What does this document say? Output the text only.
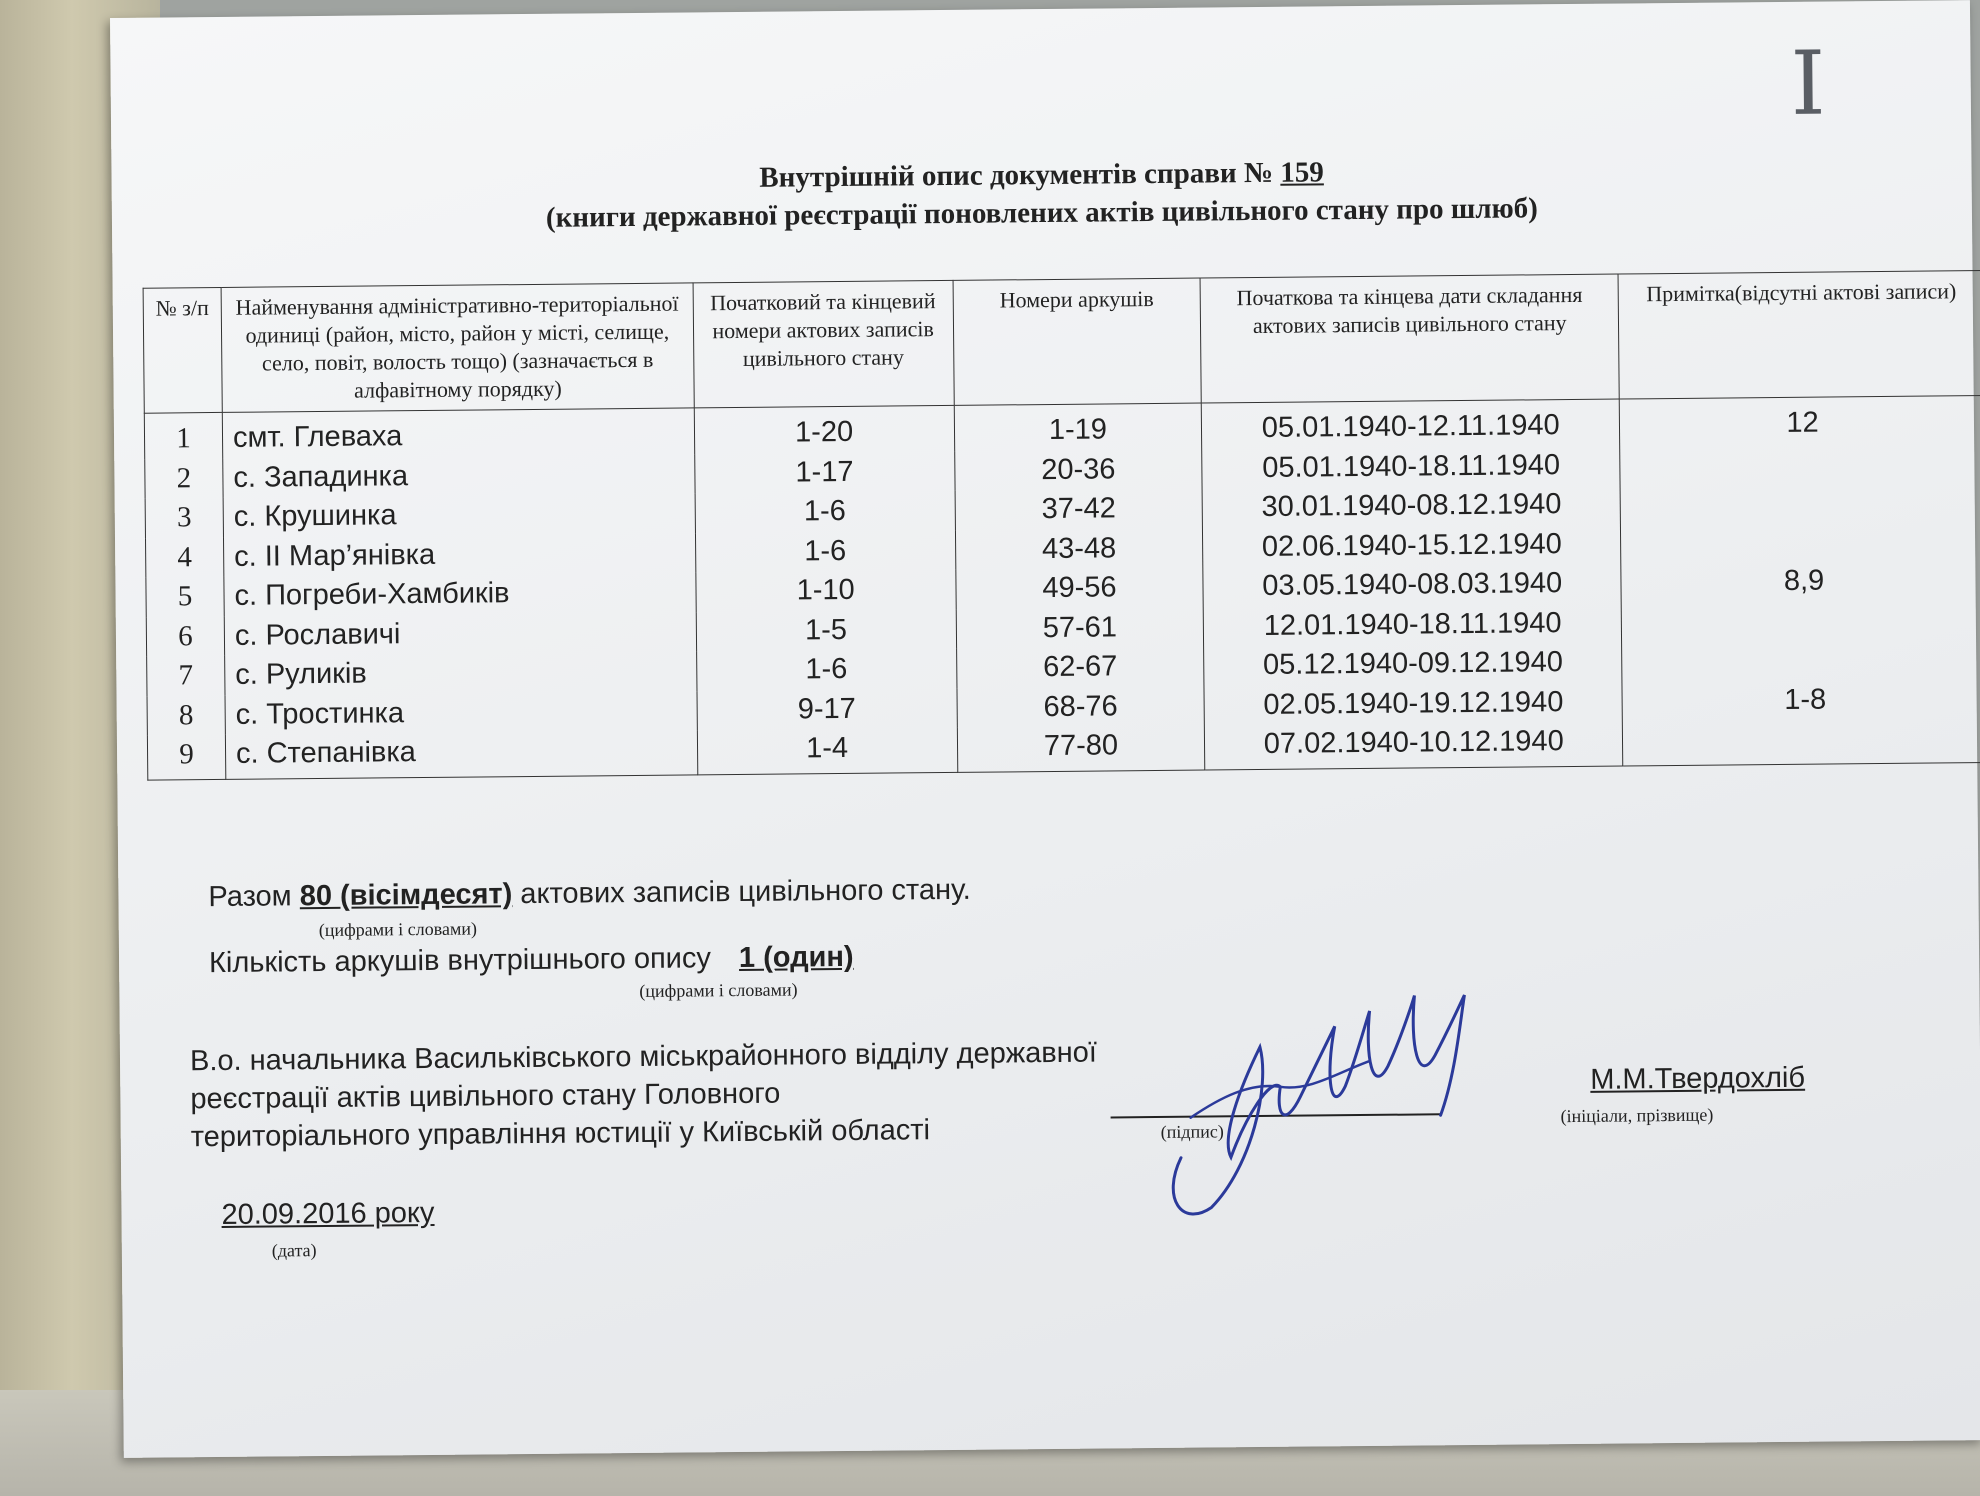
I
Внутрішній опис документів справи № 159
(книги державної реєстрації поновлених актів цивільного стану про шлюб)
№ з/п	Найменування адміністративно-територіальної одиниці (район, місто, район у місті, селище, село, повіт, волость тощо) (зазначається в алфавітному порядку)	Початковий та кінцевий номери актових записів цивільного стану	Номери аркушів	Початкова та кінцева дати складання актових записів цивільного стану	Примітка(відсутні актові записи)
1	смт. Глеваха	1-20	1-19	05.01.1940-12.11.1940	12
2	с. Западинка	1-17	20-36	05.01.1940-18.11.1940	
3	с. Крушинка	1-6	37-42	30.01.1940-08.12.1940	
4	с. ІІ Мар’янівка	1-6	43-48	02.06.1940-15.12.1940	
5	с. Погреби-Хамбиків	1-10	49-56	03.05.1940-08.03.1940	8,9
6	с. Рославичі	1-5	57-61	12.01.1940-18.11.1940	
7	с. Руликів	1-6	62-67	05.12.1940-09.12.1940	
8	с. Тростинка	9-17	68-76	02.05.1940-19.12.1940	1-8
9	с. Степанівка	1-4	77-80	07.02.1940-10.12.1940	
Разом 80 (вісімдесят) актових записів цивільного стану.
(цифрами і словами)
Кількість аркушів внутрішнього опису 1 (один)
(цифрами і словами)
В.о. начальника Васильківського міськрайонного відділу державної
реєстрації актів цивільного стану Головного
територіального управління юстиції у Київській області	(підпис)
М.М.Твердохліб
(ініціали, прізвище)
20.09.2016 року
(дата)
